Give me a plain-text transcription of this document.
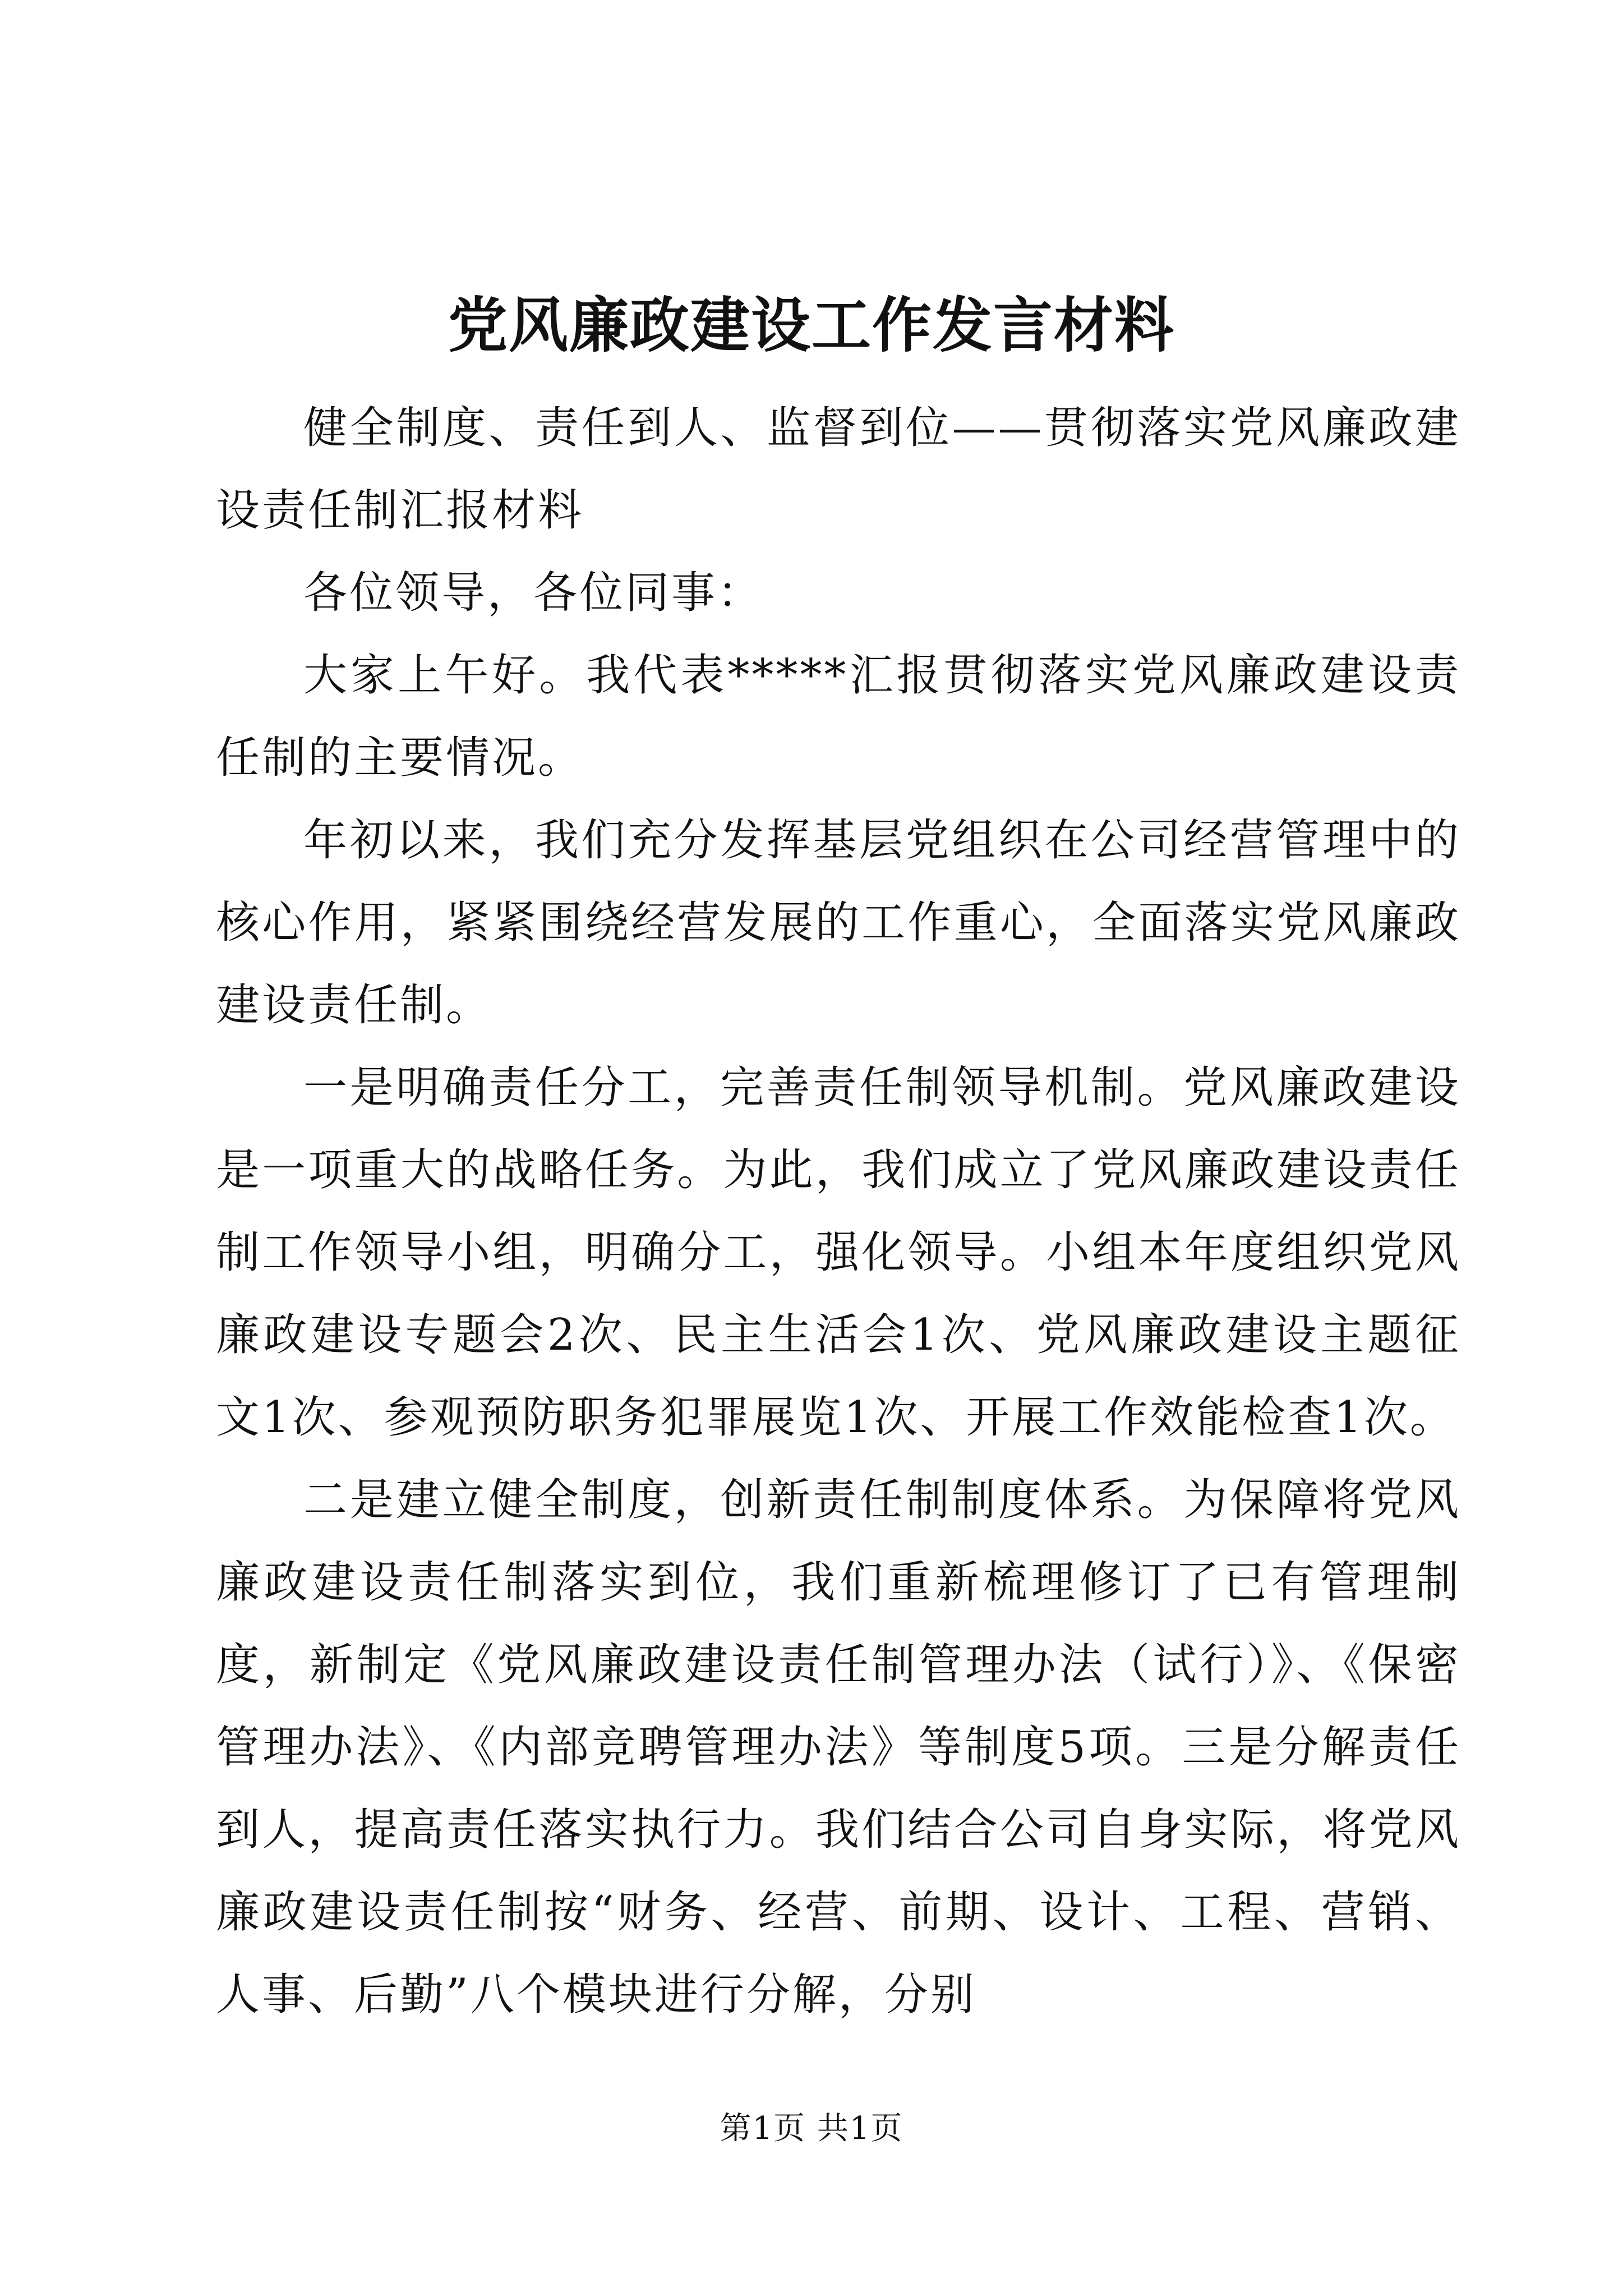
党风廉政建设工作发言材料

健全制度、责任到人、监督到位——贯彻落实党风廉政建设责任制汇报材料

各位领导，各位同事：

大家上午好。我代表*****汇报贯彻落实党风廉政建设责任制的主要情况。

年初以来，我们充分发挥基层党组织在公司经营管理中的核心作用，紧紧围绕经营发展的工作重心，全面落实党风廉政建设责任制。

一是明确责任分工，完善责任制领导机制。党风廉政建设是一项重大的战略任务。为此，我们成立了党风廉政建设责任制工作领导小组，明确分工，强化领导。小组本年度组织党风廉政建设专题会2次、民主生活会1次、党风廉政建设主题征文1次、参观预防职务犯罪展览1次、开展工作效能检查1次。

二是建立健全制度，创新责任制制度体系。为保障将党风廉政建设责任制落实到位，我们重新梳理修订了已有管理制度，新制定《党风廉政建设责任制管理办法（试行）》、《保密管理办法》、《内部竞聘管理办法》等制度5项。三是分解责任到人，提高责任落实执行力。我们结合公司自身实际，将党风廉政建设责任制按“财务、经营、前期、设计、工程、营销、人事、后勤”八个模块进行分解，分别

第1页 共1页
